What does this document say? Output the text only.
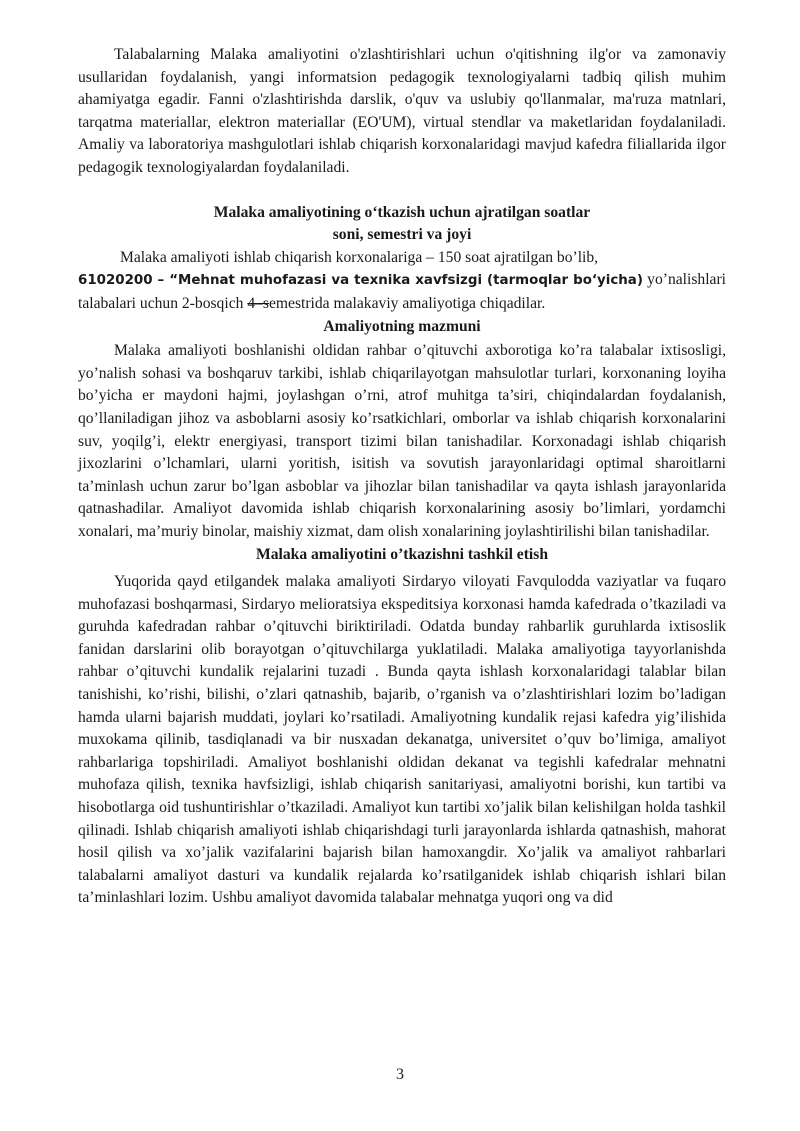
Talabalarning Malaka amaliyotini o'zlashtirishlari uchun o'qitishning ilg'or va zamonaviy usullaridan foydalanish, yangi informatsion pedagogik texnologiyalarni tadbiq qilish muhim ahamiyatga egadir. Fanni o'zlashtirishda darslik, o'quv va uslubiy qo'llanmalar, ma'ruza matnlari, tarqatma materiallar, elektron materiallar (EO'UM), virtual stendlar va maketlaridan foydalaniladi. Amaliy va laboratoriya mashgulotlari ishlab chiqarish korxonalaridagi mavjud kafedra filiallarida ilgor pedagogik texnologiyalardan foydalaniladi.

Malaka amaliyotining o‘tkazish uchun ajratilgan soatlar

soni, semestri va joyi

Malaka amaliyoti ishlab chiqarish korxonalariga – 150 soat ajratilgan bo’lib,
61020200 – “Mehnat muhofazasi va texnika xavfsizgi (tarmoqlar bo‘yicha) yo’nalishlari talabalari uchun 2-bosqich 4–semestrida malakaviy amaliyotiga chiqadilar.

Amaliyotning mazmuni

Malaka amaliyoti boshlanishi oldidan rahbar o’qituvchi axborotiga ko’ra talabalar ixtisosligi, yo’nalish sohasi va boshqaruv tarkibi, ishlab chiqarilayotgan mahsulotlar turlari, korxonaning loyiha bo’yicha er maydoni hajmi, joylashgan o’rni, atrof muhitga ta’siri, chiqindalardan foydalanish, qo’llaniladigan jihoz va asboblarni asosiy ko’rsatkichlari, omborlar va ishlab chiqarish korxonalarini suv, yoqilg’i, elektr energiyasi, transport tizimi bilan tanishadilar. Korxonadagi ishlab chiqarish jixozlarini o’lchamlari, ularni yoritish, isitish va sovutish jarayonlaridagi optimal sharoitlarni ta’minlash uchun zarur bo’lgan asboblar va jihozlar bilan tanishadilar va qayta ishlash jarayonlarida qatnashadilar. Amaliyot davomida ishlab chiqarish korxonalarining asosiy bo’limlari, yordamchi xonalari, ma’muriy binolar, maishiy xizmat, dam olish xonalarining joylashtirilishi bilan tanishadilar.

Malaka amaliyotini o’tkazishni tashkil etish

Yuqorida qayd etilgandek malaka amaliyoti Sirdaryo viloyati Favqulodda vaziyatlar va fuqaro muhofazasi boshqarmasi, Sirdaryo melioratsiya ekspeditsiya korxonasi hamda kafedrada o’tkaziladi va guruhda kafedradan rahbar o’qituvchi biriktiriladi. Odatda bunday rahbarlik guruhlarda ixtisoslik fanidan darslarini olib borayotgan o’qituvchilarga yuklatiladi. Malaka amaliyotiga tayyorlanishda rahbar o’qituvchi kundalik rejalarini tuzadi . Bunda qayta ishlash korxonalaridagi talablar bilan tanishishi, ko’rishi, bilishi, o’zlari qatnashib, bajarib, o’rganish va o’zlashtirishlari lozim bo’ladigan hamda ularni bajarish muddati, joylari ko’rsatiladi. Amaliyotning kundalik rejasi kafedra yig’ilishida muxokama qilinib, tasdiqlanadi va bir nusxadan dekanatga, universitet o’quv bo’limiga, amaliyot rahbarlariga topshiriladi. Amaliyot boshlanishi oldidan dekanat va tegishli kafedralar mehnatni muhofaza qilish, texnika havfsizligi, ishlab chiqarish sanitariyasi, amaliyotni borishi, kun tartibi va hisobotlarga oid tushuntirishlar o’tkaziladi. Amaliyot kun tartibi xo’jalik bilan kelishilgan holda tashkil qilinadi. Ishlab chiqarish amaliyoti ishlab chiqarishdagi turli jarayonlarda ishlarda qatnashish, mahorat hosil qilish va xo’jalik vazifalarini bajarish bilan hamoxangdir. Xo’jalik va amaliyot rahbarlari talabalarni amaliyot dasturi va kundalik rejalarda ko’rsatilganidek ishlab chiqarish ishlari bilan ta’minlashlari lozim. Ushbu amaliyot davomida talabalar mehnatga yuqori ong va did

3
